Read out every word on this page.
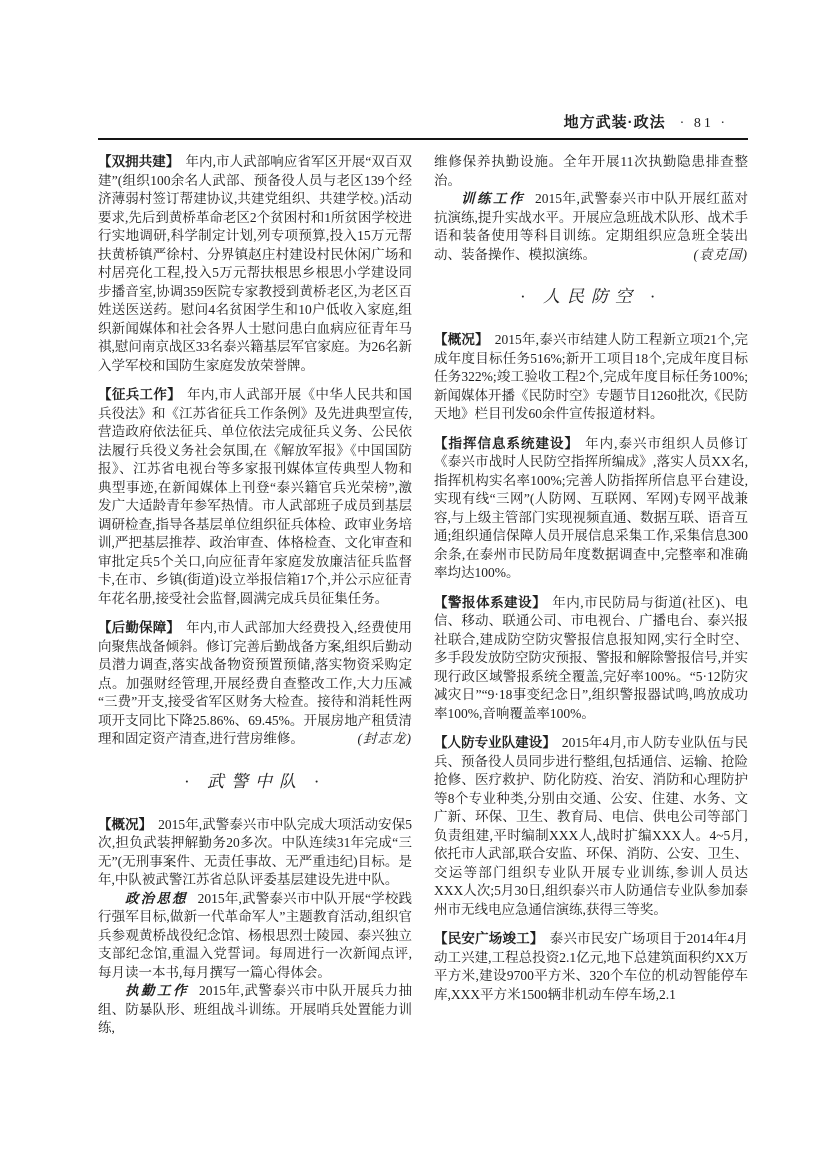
地方武装·政法 · 81 ·

【双拥共建】 年内,市人武部响应省军区开展“双百双建”(组织100余名人武部、预备役人员与老区139个经济薄弱村签订帮建协议,共建党组织、共建学校。)活动要求,先后到黄桥革命老区2个贫困村和1所贫困学校进行实地调研,科学制定计划,列专项预算,投入15万元帮扶黄桥镇严徐村、分界镇赵庄村建设村民休闲广场和村居亮化工程,投入5万元帮扶根思乡根思小学建设同步播音室,协调359医院专家教授到黄桥老区,为老区百姓送医送药。慰问4名贫困学生和10户低收入家庭,组织新闻媒体和社会各界人士慰问患白血病应征青年马祺,慰问南京战区33名泰兴籍基层军官家庭。为26名新入学军校和国防生家庭发放荣誉牌。

【征兵工作】 年内,市人武部开展《中华人民共和国兵役法》和《江苏省征兵工作条例》及先进典型宣传,营造政府依法征兵、单位依法完成征兵义务、公民依法履行兵役义务社会氛围,在《解放军报》《中国国防报》、江苏省电视台等多家报刊媒体宣传典型人物和典型事迹,在新闻媒体上刊登“泰兴籍官兵光荣榜”,激发广大适龄青年参军热情。市人武部班子成员到基层调研检查,指导各基层单位组织征兵体检、政审业务培训,严把基层推荐、政治审查、体格检查、文化审查和审批定兵5个关口,向应征青年家庭发放廉洁征兵监督卡,在市、乡镇(街道)设立举报信箱17个,并公示应征青年花名册,接受社会监督,圆满完成兵员征集任务。

【后勤保障】 年内,市人武部加大经费投入,经费使用向聚焦战备倾斜。修订完善后勤战备方案,组织后勤动员潜力调查,落实战备物资预置预储,落实物资采购定点。加强财经管理,开展经费自查整改工作,大力压减“三费”开支,接受省军区财务大检查。接待和消耗性两项开支同比下降25.86%、69.45%。开展房地产租赁清理和固定资产清查,进行营房维修。	(封志龙)

· 武警中队 ·

【概况】 2015年,武警泰兴市中队完成大项活动安保5次,担负武装押解勤务20多次。中队连续31年完成“三无”(无刑事案件、无责任事故、无严重违纪)目标。是年,中队被武警江苏省总队评委基层建设先进中队。

政治思想 2015年,武警泰兴市中队开展“学校践行强军目标,做新一代革命军人”主题教育活动,组织官兵参观黄桥战役纪念馆、杨根思烈士陵园、泰兴独立支部纪念馆,重温入党誓词。每周进行一次新闻点评,每月读一本书,每月撰写一篇心得体会。

执勤工作 2015年,武警泰兴市中队开展兵力抽组、防暴队形、班组战斗训练。开展哨兵处置能力训练,

维修保养执勤设施。全年开展11次执勤隐患排查整治。

训练工作 2015年,武警泰兴市中队开展红蓝对抗演练,提升实战水平。开展应急班战术队形、战术手语和装备使用等科目训练。定期组织应急班全装出动、装备操作、模拟演练。	(袁克国)

· 人民防空 ·

【概况】 2015年,泰兴市结建人防工程新立项21个,完成年度目标任务516%;新开工项目18个,完成年度目标任务322%;竣工验收工程2个,完成年度目标任务100%;新闻媒体开播《民防时空》专题节目1260批次,《民防天地》栏目刊发60余件宣传报道材料。

【指挥信息系统建设】 年内,泰兴市组织人员修订《泰兴市战时人民防空指挥所编成》,落实人员XX名,指挥机构实名率100%;完善人防指挥所信息平台建设,实现有线“三网”(人防网、互联网、军网)专网平战兼容,与上级主管部门实现视频直通、数据互联、语音互通;组织通信保障人员开展信息采集工作,采集信息300余条,在泰州市民防局年度数据调查中,完整率和准确率均达100%。

【警报体系建设】 年内,市民防局与街道(社区)、电信、移动、联通公司、市电视台、广播电台、泰兴报社联合,建成防空防灾警报信息报知网,实行全时空、多手段发放防空防灾预报、警报和解除警报信号,并实现行政区域警报系统全覆盖,完好率100%。“5·12防灾减灾日”“9·18事变纪念日”,组织警报器试鸣,鸣放成功率100%,音响覆盖率100%。

【人防专业队建设】 2015年4月,市人防专业队伍与民兵、预备役人员同步进行整组,包括通信、运输、抢险抢修、医疗救护、防化防疫、治安、消防和心理防护等8个专业种类,分别由交通、公安、住建、水务、文广新、环保、卫生、教育局、电信、供电公司等部门负责组建,平时编制XXX人,战时扩编XXX人。4~5月,依托市人武部,联合安监、环保、消防、公安、卫生、交运等部门组织专业队开展专业训练,参训人员达XXX人次;5月30日,组织泰兴市人防通信专业队参加泰州市无线电应急通信演练,获得三等奖。

【民安广场竣工】 泰兴市民安广场项目于2014年4月动工兴建,工程总投资2.1亿元,地下总建筑面积约XX万平方米,建设9700平方米、320个车位的机动智能停车库,XXX平方米1500辆非机动车停车场,2.1
